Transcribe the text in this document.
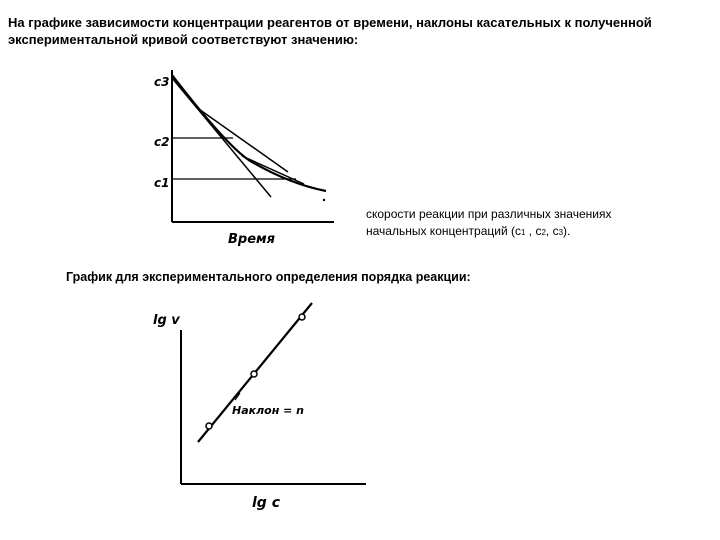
На графике зависимости концентрации реагентов от времени, наклоны касательных к полученной экспериментальной кривой соответствуют значению:
c3
c2
c1
Время
скорости реакции при различных значениях
начальных концентраций (c1 , c2, c3).
График для экспериментального определения порядка реакции:
Наклон = n
lg v
lg c
